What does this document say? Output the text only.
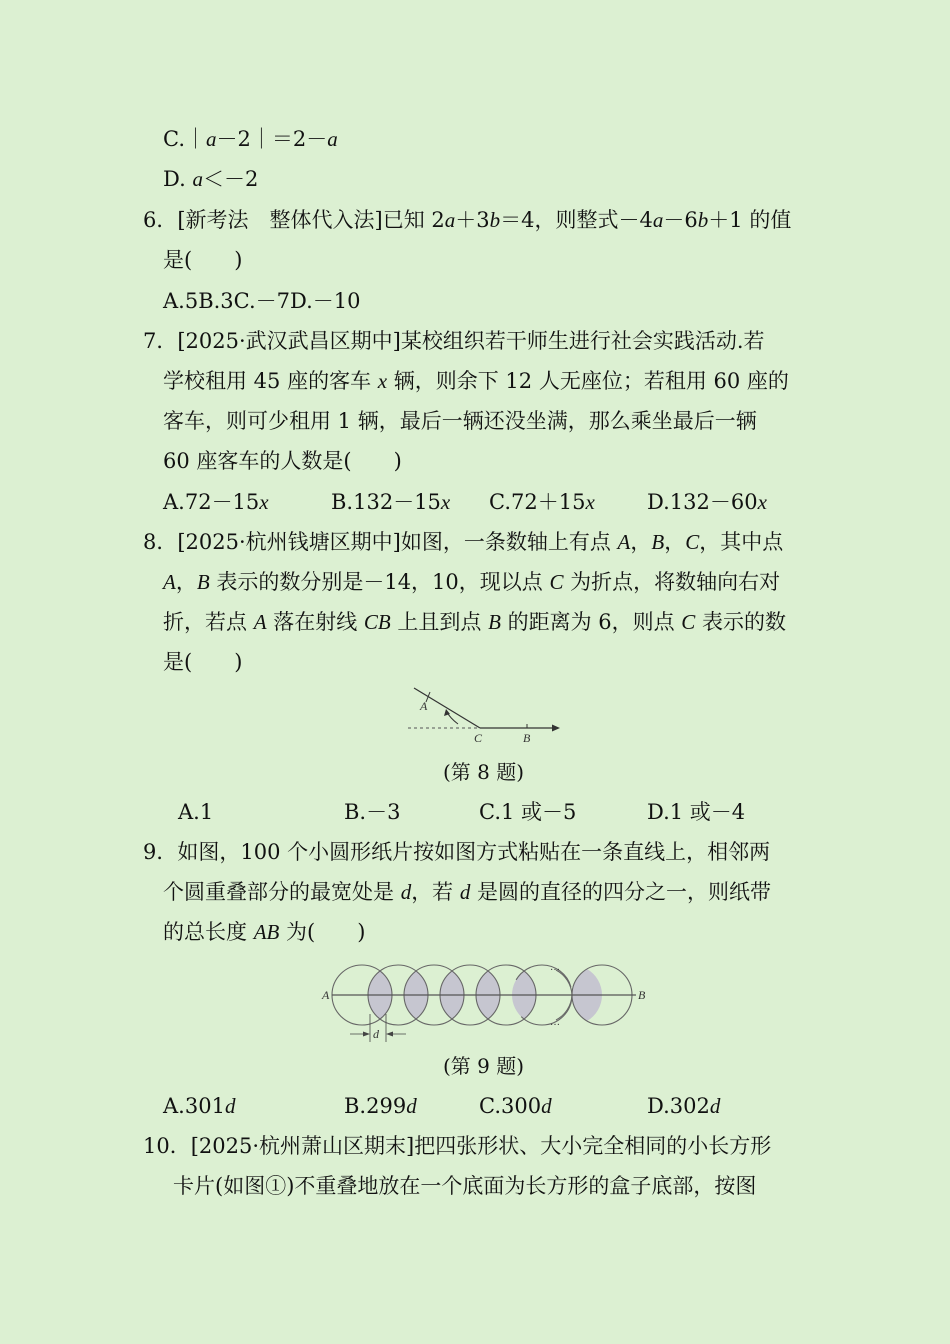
C.｜a－2｜＝2－a
D. a＜－2
6．[新考法　整体代入法]已知 2a＋3b＝4，则整式－4a－6b＋1 的值
是(　　)
A.5B.3C.－7D.－10
7．[2025·武汉武昌区期中]某校组织若干师生进行社会实践活动.若
学校租用 45 座的客车 x 辆，则余下 12 人无座位；若租用 60 座的
客车，则可少租用 1 辆，最后一辆还没坐满，那么乘坐最后一辆
60 座客车的人数是(　　)
A.72－15x	B.132－15x C.72＋15x D.132－60x
8．[2025·杭州钱塘区期中]如图，一条数轴上有点 A，B，C，其中点
A，B 表示的数分别是－14，10，现以点 C 为折点，将数轴向右对
折，若点 A 落在射线 CB 上且到点 B 的距离为 6，则点 C 表示的数
是(　　)
A
C	B
(第 8 题)
A.1	B.－3	C.1 或－5	D.1 或－4
9．如图，100 个小圆形纸片按如图方式粘贴在一条直线上，相邻两
个圆重叠部分的最宽处是 d，若 d 是圆的直径的四分之一，则纸带
的总长度 AB 为(　　)
A	B
…
…
d
(第 9 题)
A.301d	B.299d	C.300d	D.302d
10．[2025·杭州萧山区期末]把四张形状、大小完全相同的小长方形
卡片(如图①)不重叠地放在一个底面为长方形的盒子底部，按图
